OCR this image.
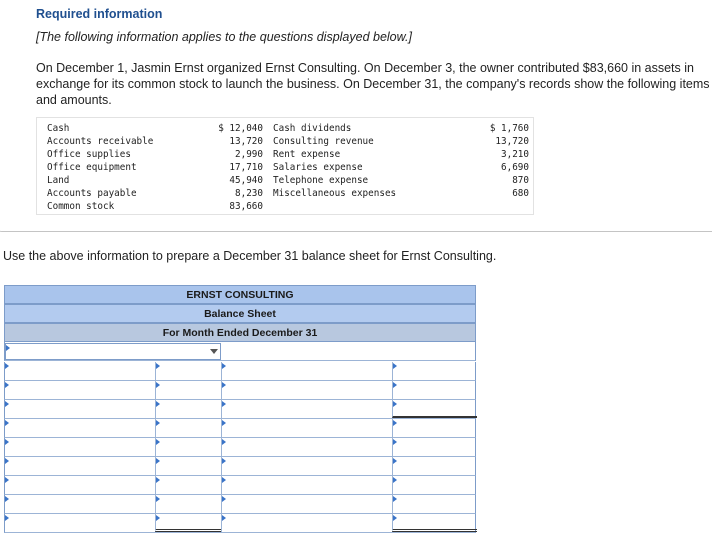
Required information
[The following information applies to the questions displayed below.]
On December 1, Jasmin Ernst organized Ernst Consulting. On December 3, the owner contributed $83,660 in assets in exchange for its common stock to launch the business. On December 31, the company's records show the following items and amounts.
Cash
Accounts receivable
Office supplies
Office equipment
Land
Accounts payable
Common stock
$ 12,040
13,720
2,990
17,710
45,940
8,230
83,660
Cash dividends
Consulting revenue
Rent expense
Salaries expense
Telephone expense
Miscellaneous expenses
$ 1,760
13,720
3,210
6,690
870
680
Use the above information to prepare a December 31 balance sheet for Ernst Consulting.
ERNST CONSULTING
Balance Sheet
For Month Ended December 31
